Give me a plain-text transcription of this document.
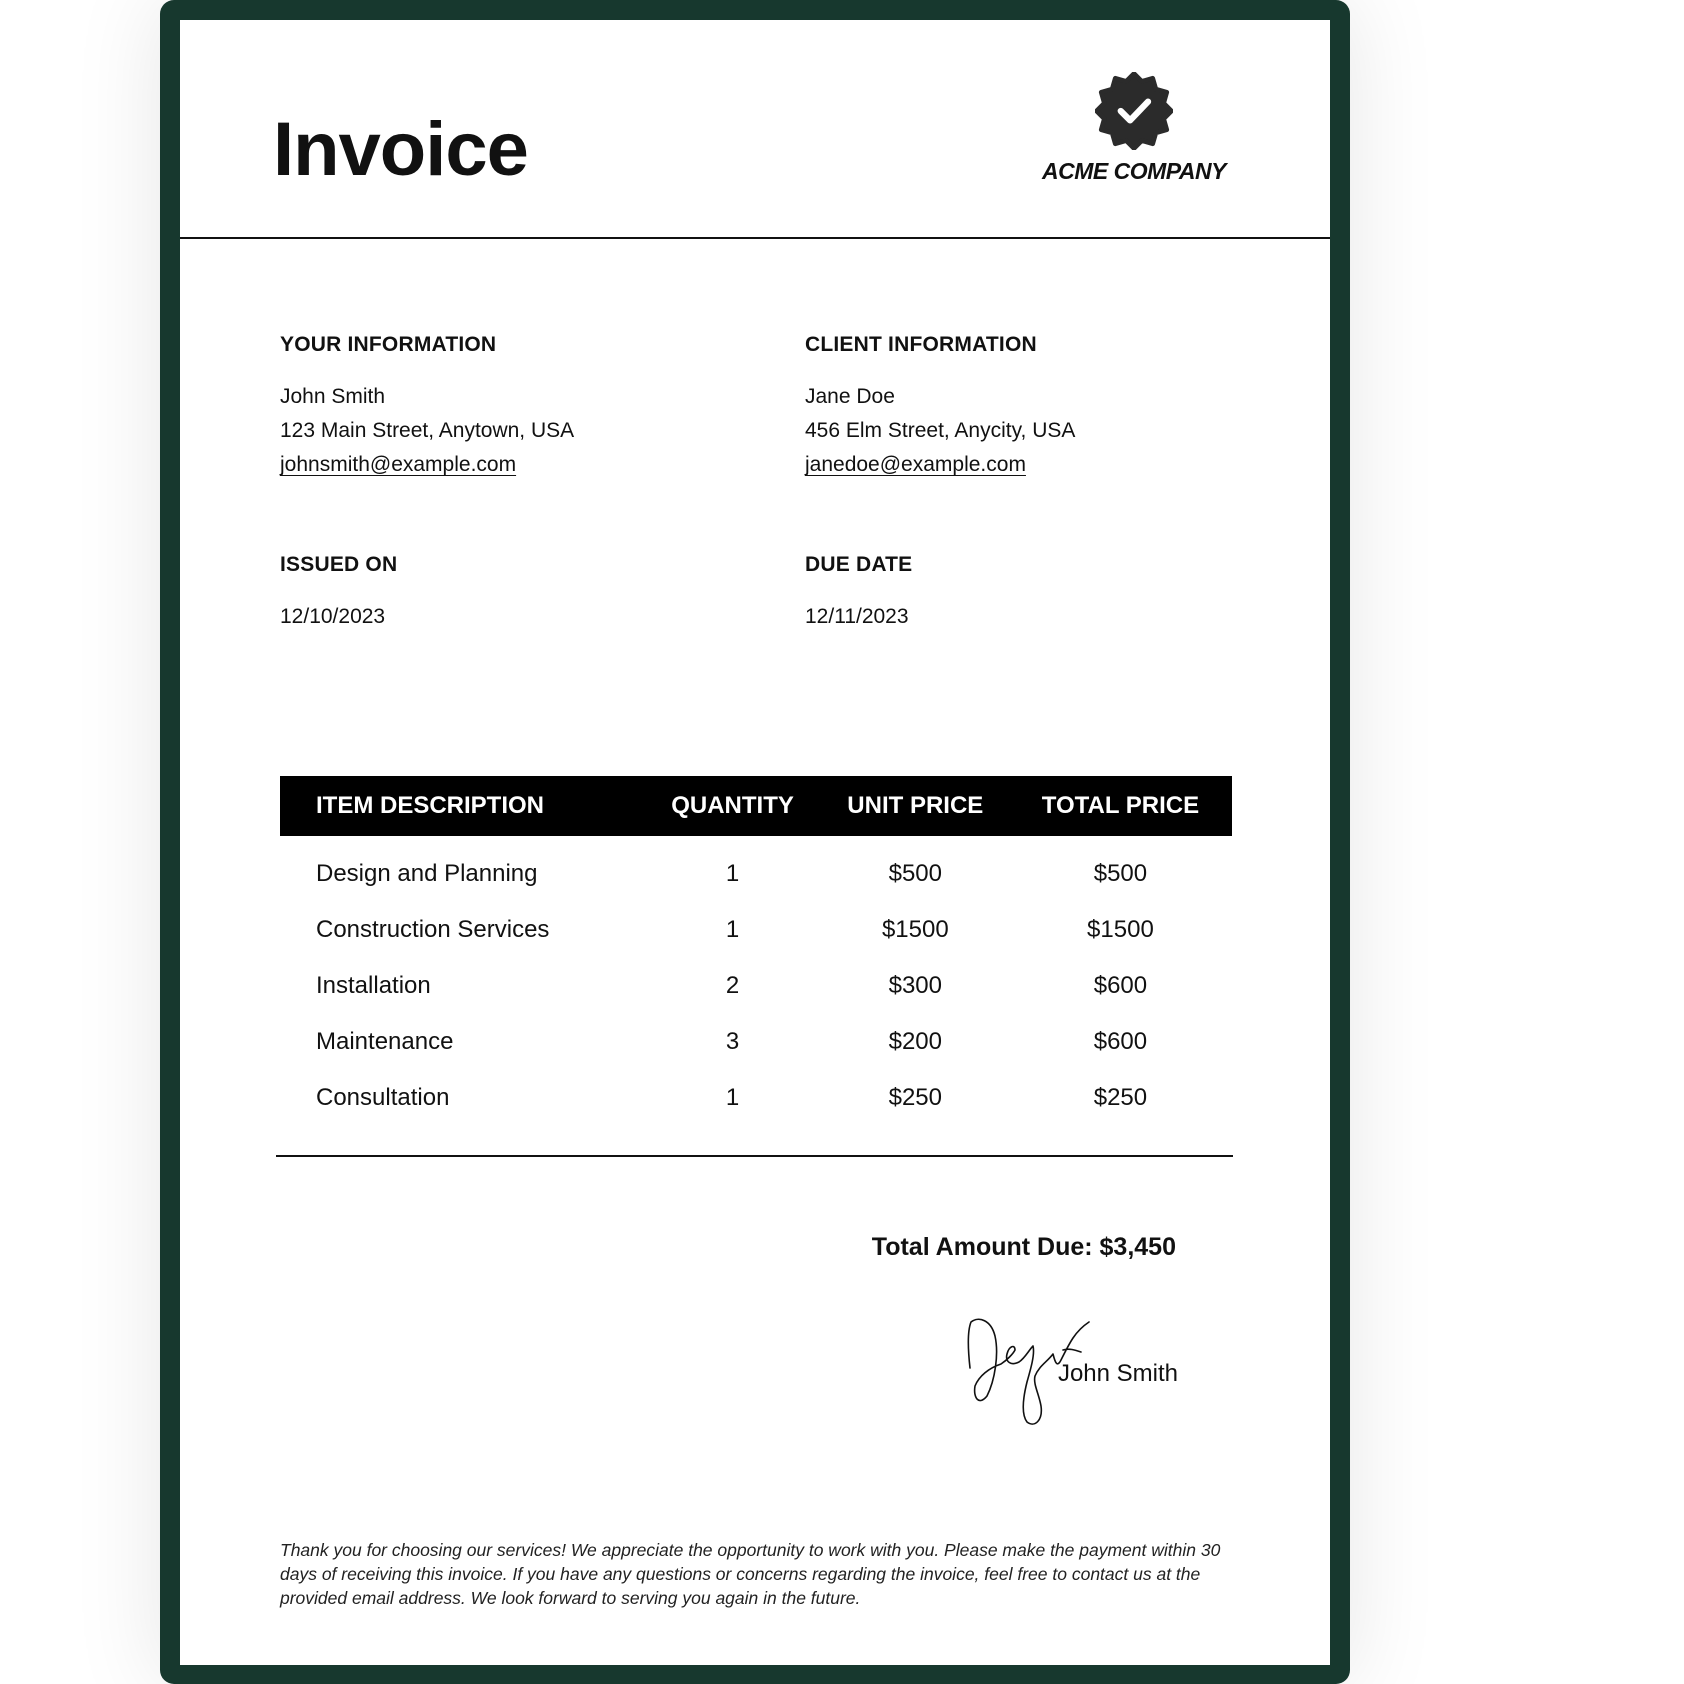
Invoice	ACME COMPANY
YOUR INFORMATION
John Smith
123 Main Street, Anytown, USA
johnsmith@example.com
CLIENT INFORMATION
Jane Doe
456 Elm Street, Anycity, USA
janedoe@example.com
ISSUED ON
12/10/2023
DUE DATE
12/11/2023
ITEM DESCRIPTION	QUANTITY	UNIT PRICE	TOTAL PRICE
Design and Planning	1	$500	$500
Construction Services	1	$1500	$1500
Installation	2	$300	$600
Maintenance	3	$200	$600
Consultation	1	$250	$250
Total Amount Due: $3,450
John Smith

Thank you for choosing our services! We appreciate the opportunity to work with you. Please make the payment within 30 days of receiving this invoice. If you have any questions or concerns regarding the invoice, feel free to contact us at the provided email address. We look forward to serving you again in the future.
